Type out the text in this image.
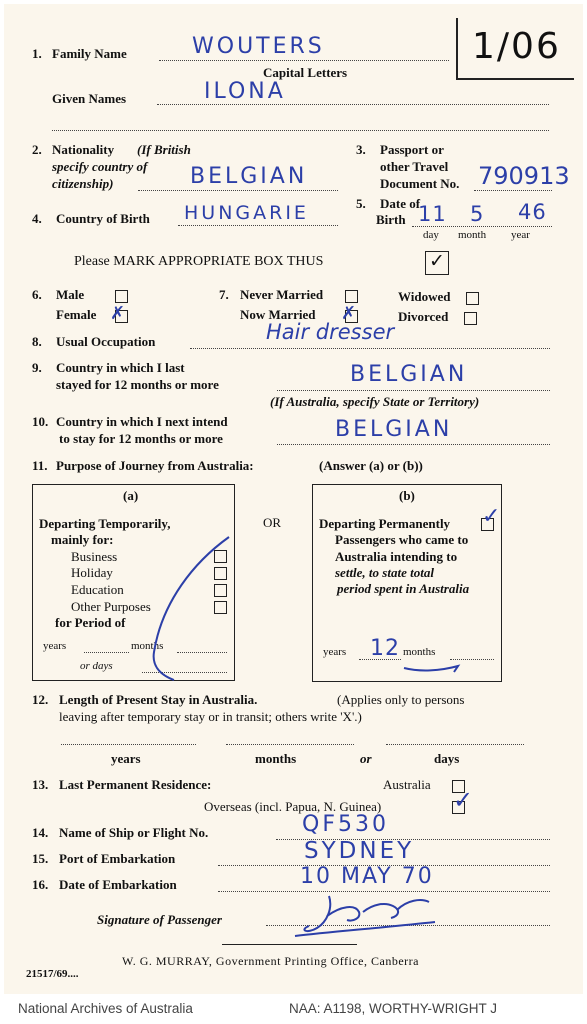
1/06
1. Family Name	WOUTERS
Capital Letters
Given Names	ILONA
2. Nationality (If British
specify country of
citizenship)	BELGIAN
3. Passport or
other Travel
Document No. 790913
4. Country of Birth HUNGARIE	5. Date of
Birth 11 5 46
day month year
Please MARK APPROPRIATE BOX THUS	✓
6. Male
Female ✗
7. Never Married
Now Married ✗
Widowed
Divorced
8. Usual Occupation	Hair dresser
9. Country in which I last
stayed for 12 months or more	BELGIAN
(If Australia, specify State or Territory)
10. Country in which I next intend
to stay for 12 months or more	BELGIAN
11. Purpose of Journey from Australia:	(Answer (a) or (b))
(a)
Departing Temporarily,
mainly for:
Business
Holiday
Education
Other Purposes
for Period of
years	months
or days
OR
(b)
Departing Permanently ✓
Passengers who came to
Australia intending to
settle, to state total
period spent in Australia
years 12 months
12. Length of Present Stay in Australia.	(Applies only to persons
leaving after temporary stay or in transit; others write 'X'.)
years	months	or	days
13. Last Permanent Residence:	Australia
Overseas (incl. Papua, N. Guinea)	✓
14. Name of Ship or Flight No.	QF530
15. Port of Embarkation	SYDNEY
16. Date of Embarkation	10 MAY 70
Signature of Passenger
W. G. MURRAY, Government Printing Office, Canberra
21517/69....
National Archives of Australia	NAA: A1198, WORTHY-WRIGHT J
